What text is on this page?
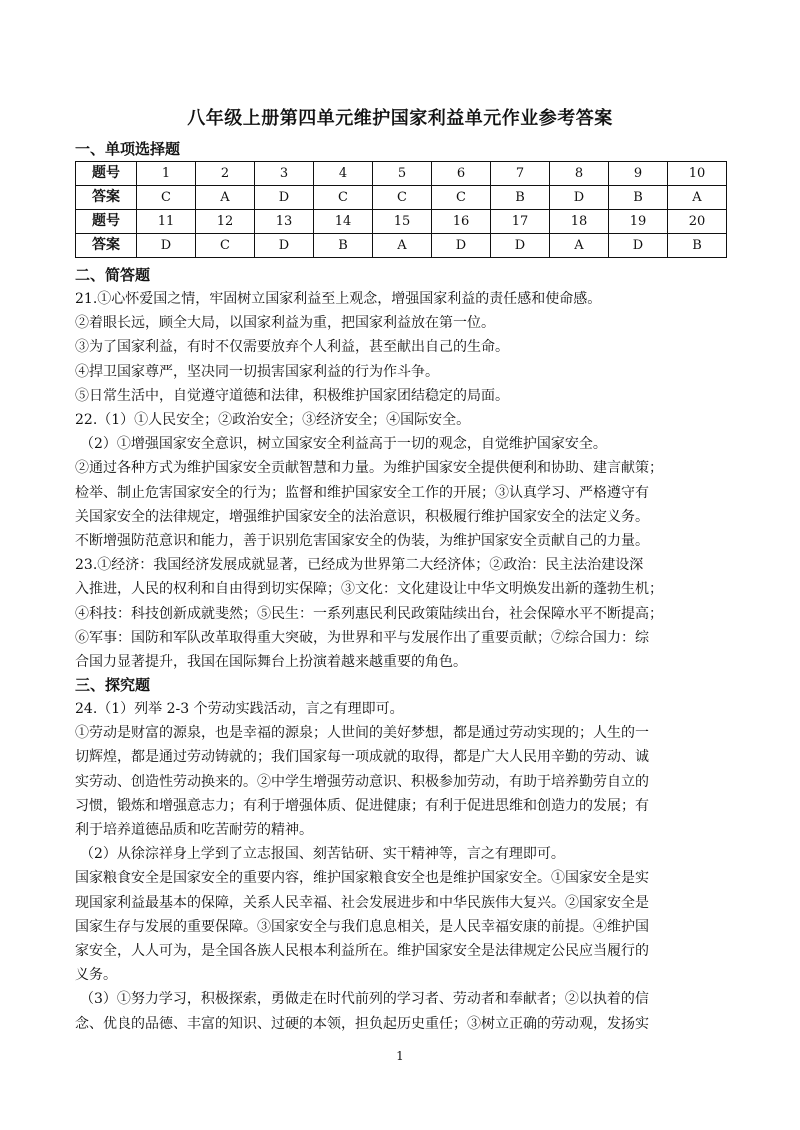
八年级上册第四单元维护国家利益单元作业参考答案
一、单项选择题
题号	1	2	3	4	5	6	7	8	9	10
答案	C	A	D	C	C	C	B	D	B	A
题号	11	12	13	14	15	16	17	18	19	20
答案	D	C	D	B	A	D	D	A	D	B
二、简答题
21.①心怀爱国之情，牢固树立国家利益至上观念，增强国家利益的责任感和使命感。
②着眼长远，顾全大局，以国家利益为重，把国家利益放在第一位。
③为了国家利益，有时不仅需要放弃个人利益，甚至献出自己的生命。
④捍卫国家尊严，坚决同一切损害国家利益的行为作斗争。
⑤日常生活中，自觉遵守道德和法律，积极维护国家团结稳定的局面。
22.（1）①人民安全；②政治安全；③经济安全；④国际安全。
（2）①增强国家安全意识，树立国家安全利益高于一切的观念，自觉维护国家安全。
②通过各种方式为维护国家安全贡献智慧和力量。为维护国家安全提供便利和协助、建言献策；
检举、制止危害国家安全的行为；监督和维护国家安全工作的开展；③认真学习、严格遵守有
关国家安全的法律规定，增强维护国家安全的法治意识，积极履行维护国家安全的法定义务。
不断增强防范意识和能力，善于识别危害国家安全的伪装，为维护国家安全贡献自己的力量。
23.①经济：我国经济发展成就显著，已经成为世界第二大经济体；②政治：民主法治建设深
入推进，人民的权利和自由得到切实保障；③文化：文化建设让中华文明焕发出新的蓬勃生机；
④科技：科技创新成就斐然；⑤民生：一系列惠民利民政策陆续出台，社会保障水平不断提高；
⑥军事：国防和军队改革取得重大突破，为世界和平与发展作出了重要贡献；⑦综合国力：综
合国力显著提升，我国在国际舞台上扮演着越来越重要的角色。
三、探究题
24.（1）列举 2-3 个劳动实践活动，言之有理即可。
①劳动是财富的源泉，也是幸福的源泉；人世间的美好梦想，都是通过劳动实现的；人生的一
切辉煌，都是通过劳动铸就的；我们国家每一项成就的取得，都是广大人民用辛勤的劳动、诚
实劳动、创造性劳动换来的。②中学生增强劳动意识、积极参加劳动，有助于培养勤劳自立的
习惯，锻炼和增强意志力；有利于增强体质、促进健康；有利于促进思维和创造力的发展；有
利于培养道德品质和吃苦耐劳的精神。
（2）从徐淙祥身上学到了立志报国、刻苦钻研、实干精神等，言之有理即可。
国家粮食安全是国家安全的重要内容，维护国家粮食安全也是维护国家安全。①国家安全是实
现国家利益最基本的保障，关系人民幸福、社会发展进步和中华民族伟大复兴。②国家安全是
国家生存与发展的重要保障。③国家安全与我们息息相关，是人民幸福安康的前提。④维护国
家安全，人人可为，是全国各族人民根本利益所在。维护国家安全是法律规定公民应当履行的
义务。
（3）①努力学习，积极探索，勇做走在时代前列的学习者、劳动者和奉献者；②以执着的信
念、优良的品德、丰富的知识、过硬的本领，担负起历史重任；③树立正确的劳动观，发扬实
1
